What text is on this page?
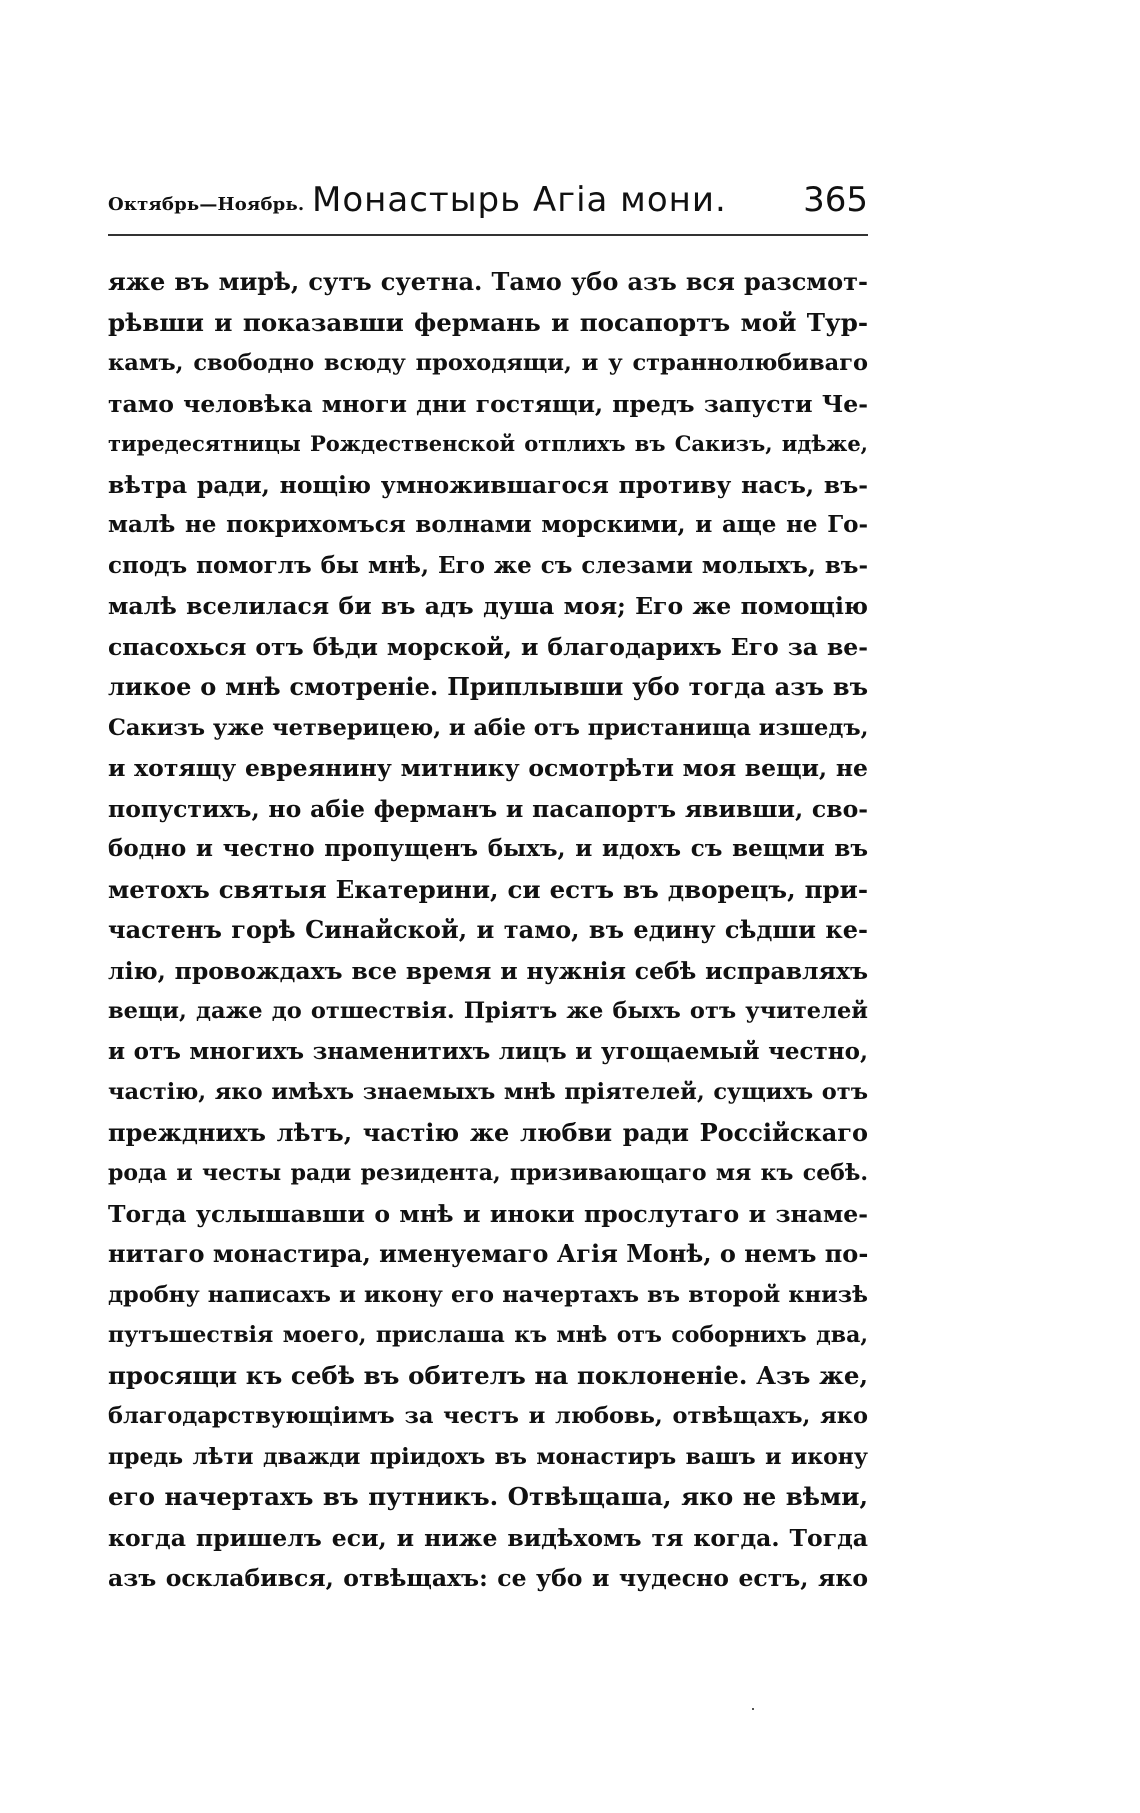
Октябрь—Ноябрь. Монастырь Агіа мони. 365
яже въ мирѣ, сутъ суетна. Тамо убо азъ вся разсмот-
рѣвши и показавши фермань и посапортъ мой Тур-
камъ, свободно всюду проходящи, и у страннолюбиваго
тамо человѣка многи дни гостящи, предъ запусти Че-
тиредесятницы Рождественской отплихъ въ Сакизъ, идѣже,
вѣтра ради, нощію умножившагося противу насъ, въ-
малѣ не покрихомъся волнами морскими, и аще не Го-
сподъ помоглъ бы мнѣ, Его же съ слезами молыхъ, въ-
малѣ вселилася би въ адъ душа моя; Его же помощію
спасохься отъ бѣди морской, и благодарихъ Его за ве-
ликое о мнѣ смотреніе. Приплывши убо тогда азъ въ
Сакизъ уже четверицею, и абіе отъ пристанища изшедъ,
и хотящу евреянину митнику осмотрѣти моя вещи, не
попустихъ, но абіе ферманъ и пасапортъ явивши, сво-
бодно и честно пропущенъ быхъ, и идохъ съ вещми въ
метохъ святыя Екатерини, си естъ въ дворецъ, при-
частенъ горѣ Синайской, и тамо, въ едину сѣдши ке-
лію, провождахъ все время и нужнія себѣ исправляхъ
вещи, даже до отшествія. Пріятъ же быхъ отъ учителей
и отъ многихъ знаменитихъ лицъ и угощаемый честно,
частію, яко имѣхъ знаемыхъ мнѣ пріятелей, сущихъ отъ
прежднихъ лѣтъ, частію же любви ради Россійскаго
рода и честы ради резидента, призивающаго мя къ себѣ.
Тогда услышавши о мнѣ и иноки прослутаго и знаме-
нитаго монастира, именуемаго Агія Монѣ, о немъ по-
дробну написахъ и икону его начертахъ въ второй книзѣ
путъшествія моего, прислаша къ мнѣ отъ соборнихъ два,
просящи къ себѣ въ обителъ на поклоненіе. Азъ же,
благодарствующіимъ за честъ и любовь, отвѣщахъ, яко
предь лѣти дважди пріидохъ въ монастиръ вашъ и икону
его начертахъ въ путникъ. Отвѣщаша, яко не вѣми,
когда пришелъ еси, и ниже видѣхомъ тя когда. Тогда
азъ осклабився, отвѣщахъ: се убо и чудесно естъ, яко
